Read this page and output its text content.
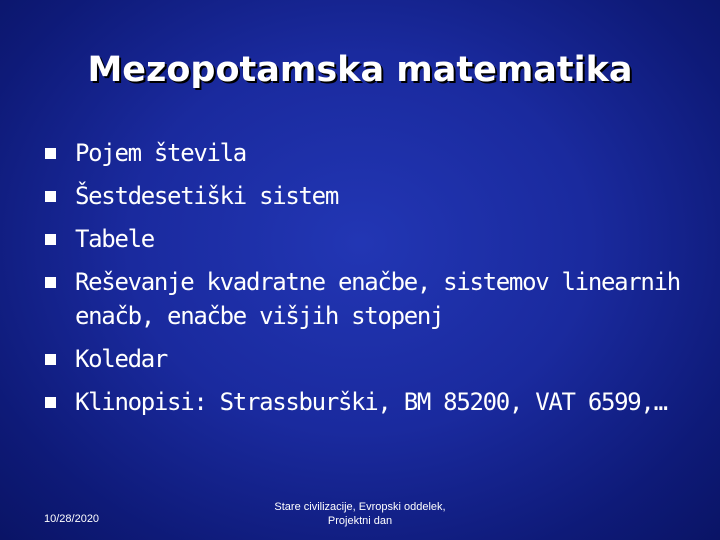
Mezopotamska matematika
Pojem števila
Šestdesetiški sistem
Tabele
Reševanje kvadratne enačbe, sistemov linearnih enačb, enačbe višjih stopenj
Koledar
Klinopisi: Strassburški, BM 85200, VAT 6599,…
10/28/2020
Stare civilizacije, Evropski oddelek,
Projektni dan
